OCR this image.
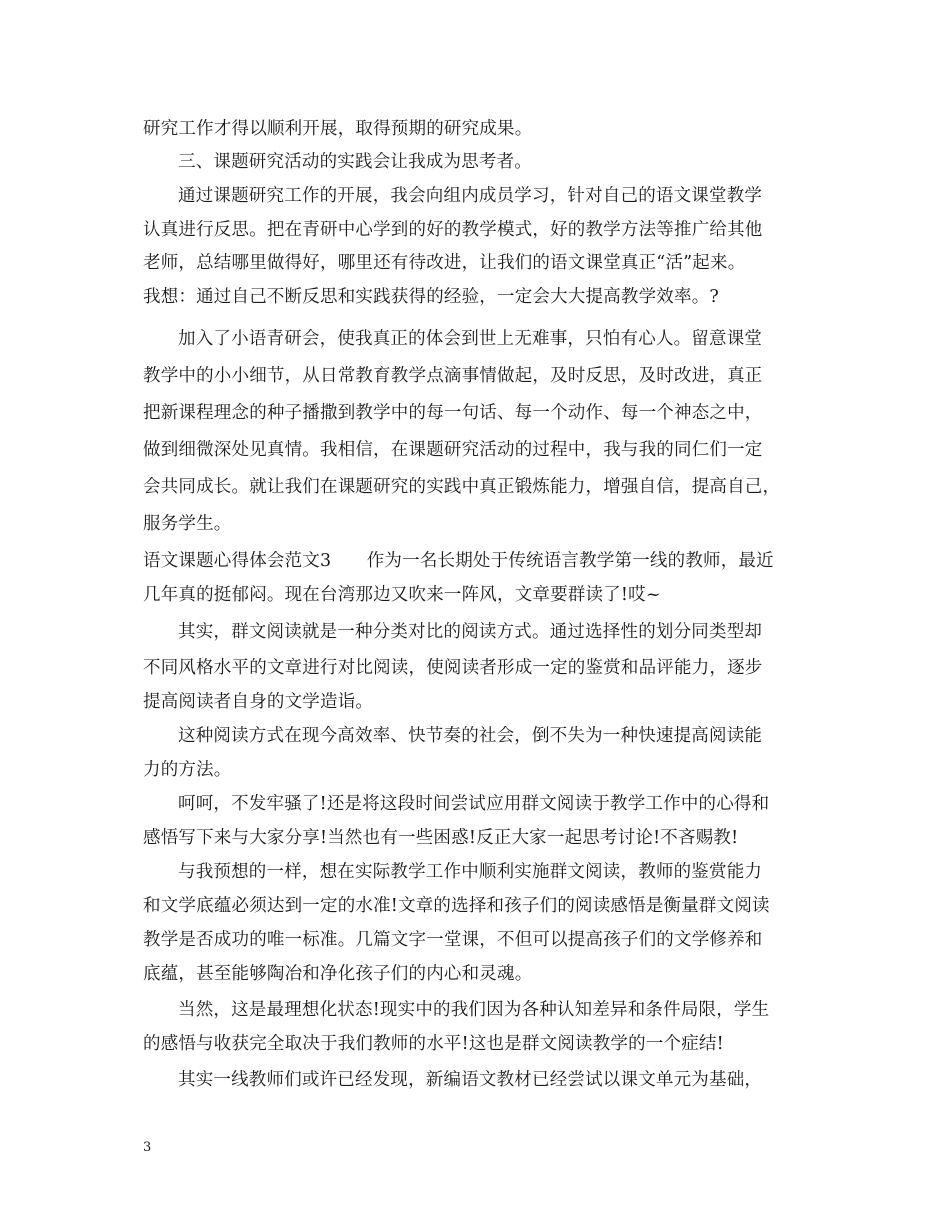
研究工作才得以顺利开展，取得预期的研究成果。
三、课题研究活动的实践会让我成为思考者。
通过课题研究工作的开展，我会向组内成员学习，针对自己的语文课堂教学
认真进行反思。把在青研中心学到的好的教学模式，好的教学方法等推广给其他
老师，总结哪里做得好，哪里还有待改进，让我们的语文课堂真正“活”起来。
我想：通过自己不断反思和实践获得的经验，一定会大大提高教学效率。?
加入了小语青研会，使我真正的体会到世上无难事，只怕有心人。留意课堂
教学中的小小细节，从日常教育教学点滴事情做起，及时反思，及时改进，真正
把新课程理念的种子播撒到教学中的每一句话、每一个动作、每一个神态之中，
做到细微深处见真情。我相信，在课题研究活动的过程中，我与我的同仁们一定
会共同成长。就让我们在课题研究的实践中真正锻炼能力，增强自信，提高自己，
服务学生。
语文课题心得体会范文3　　作为一名长期处于传统语言教学第一线的教师，最近
几年真的挺郁闷。现在台湾那边又吹来一阵风，文章要群读了!哎~
其实，群文阅读就是一种分类对比的阅读方式。通过选择性的划分同类型却
不同风格水平的文章进行对比阅读，使阅读者形成一定的鉴赏和品评能力，逐步
提高阅读者自身的文学造诣。
这种阅读方式在现今高效率、快节奏的社会，倒不失为一种快速提高阅读能
力的方法。
呵呵，不发牢骚了!还是将这段时间尝试应用群文阅读于教学工作中的心得和
感悟写下来与大家分享!当然也有一些困惑!反正大家一起思考讨论!不吝赐教!
与我预想的一样，想在实际教学工作中顺利实施群文阅读，教师的鉴赏能力
和文学底蕴必须达到一定的水准!文章的选择和孩子们的阅读感悟是衡量群文阅读
教学是否成功的唯一标准。几篇文字一堂课，不但可以提高孩子们的文学修养和
底蕴，甚至能够陶冶和净化孩子们的内心和灵魂。
当然，这是最理想化状态!现实中的我们因为各种认知差异和条件局限，学生
的感悟与收获完全取决于我们教师的水平!这也是群文阅读教学的一个症结!
其实一线教师们或许已经发现，新编语文教材已经尝试以课文单元为基础，
3
